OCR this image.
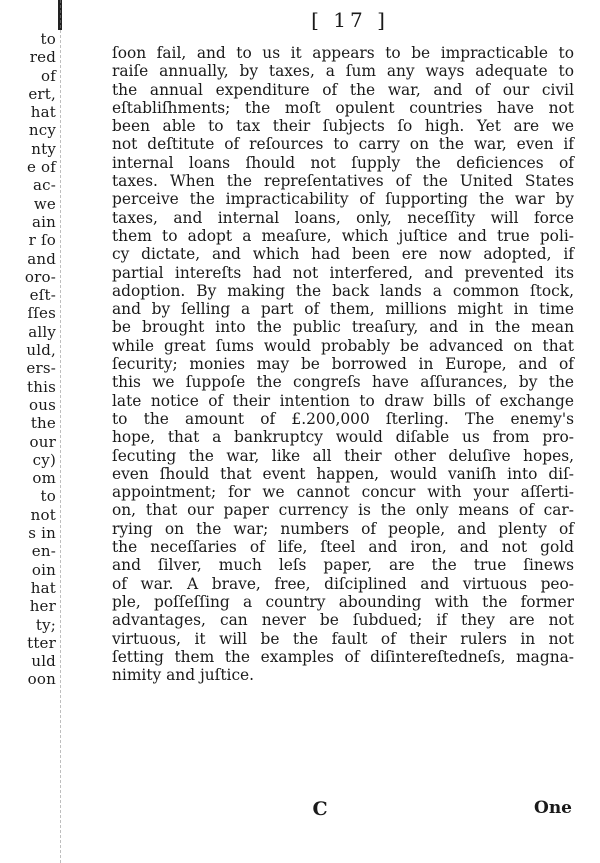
to
red
of
ert,
hat
ncy
nty
e of
ac-
we
ain
r ſo
and
oro-
eſt-
ſſes
ally
uld,
ers-
this
ous
the
our
cy)
om
to
not
s in
en-
oin
hat
her
ty;
tter
uld
oon
[ 17 ]
ſoon fail, and to us it appears to be impracticable to
raiſe annually, by taxes, a ſum any ways adequate to
the annual expenditure of the war, and of our civil
eſtabliſhments; the moſt opulent countries have not
been able to tax their ſubjects ſo high. Yet are we
not deſtitute of reſources to carry on the war, even if
internal loans ſhould not ſupply the deficiences of
taxes. When the repreſentatives of the United States
perceive the impracticability of ſupporting the war by
taxes, and internal loans, only, neceſſity will force
them to adopt a meaſure, which juſtice and true poli-
cy dictate, and which had been ere now adopted, if
partial intereſts had not interfered, and prevented its
adoption. By making the back lands a common ſtock,
and by ſelling a part of them, millions might in time
be brought into the public treaſury, and in the mean
while great ſums would probably be advanced on that
ſecurity; monies may be borrowed in Europe, and of
this we ſuppoſe the congreſs have aſſurances, by the
late notice of their intention to draw bills of exchange
to the amount of £.200,000 ſterling. The enemy's
hope, that a bankruptcy would diſable us from pro-
ſecuting the war, like all their other deluſive hopes,
even ſhould that event happen, would vaniſh into diſ-
appointment; for we cannot concur with your aſſerti-
on, that our paper currency is the only means of car-
rying on the war; numbers of people, and plenty of
the neceſſaries of life, ſteel and iron, and not gold
and ſilver, much leſs paper, are the true ſinews
of war. A brave, free, diſciplined and virtuous peo-
ple, poſſeſſing a country abounding with the former
advantages, can never be ſubdued; if they are not
virtuous, it will be the fault of their rulers in not
ſetting them the examples of diſintereſtedneſs, magna-
nimity and juſtice.
C	One
